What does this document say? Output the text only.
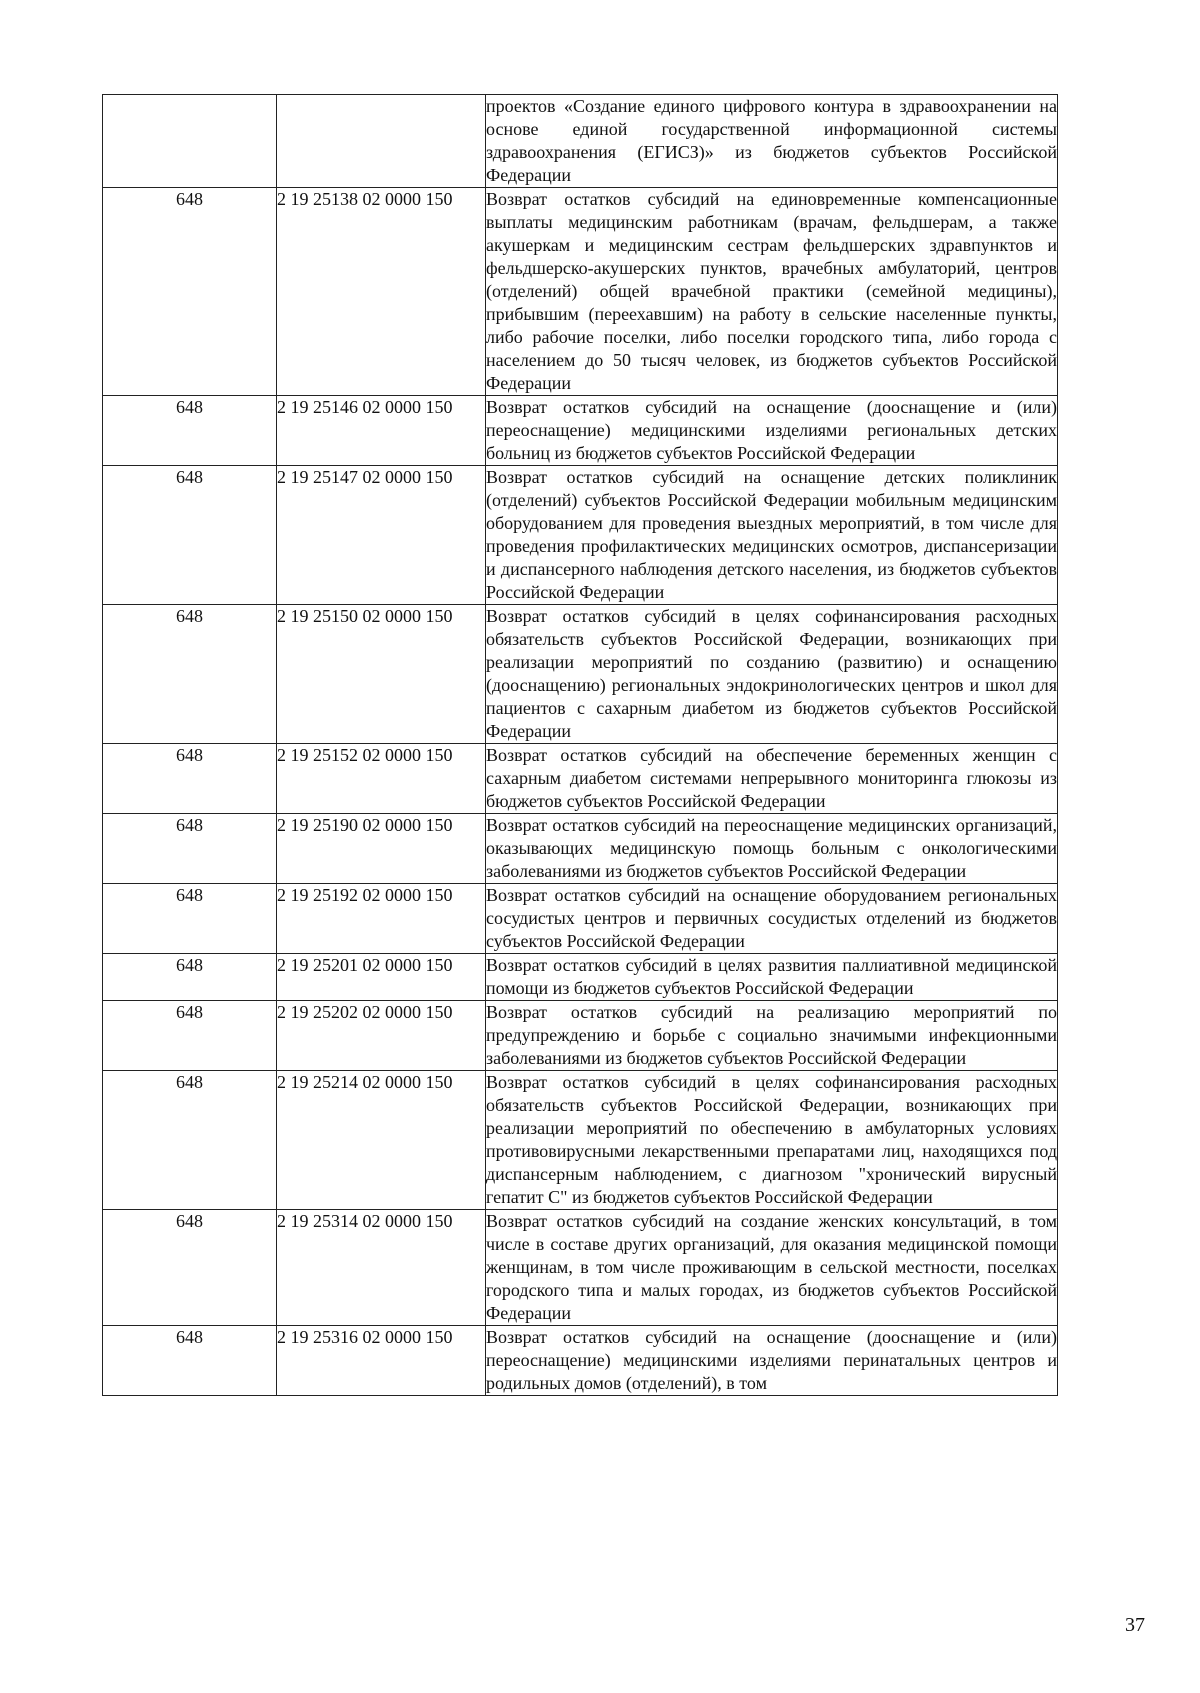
		проектов «Создание единого цифрового контура в здравоохранении на основе единой государственной информационной системы здравоохранения (ЕГИСЗ)» из бюджетов субъектов Российской Федерации
648	2 19 25138 02 0000 150	Возврат остатков субсидий на единовременные компенсационные выплаты медицинским работникам (врачам, фельдшерам, а также акушеркам и медицинским сестрам фельдшерских здравпунктов и фельдшерско-акушерских пунктов, врачебных амбулаторий, центров (отделений) общей врачебной практики (семейной медицины), прибывшим (переехавшим) на работу в сельские населенные пункты, либо рабочие поселки, либо поселки городского типа, либо города с населением до 50 тысяч человек, из бюджетов субъектов Российской Федерации
648	2 19 25146 02 0000 150	Возврат остатков субсидий на оснащение (дооснащение и (или) переоснащение) медицинскими изделиями региональных детских больниц из бюджетов субъектов Российской Федерации
648	2 19 25147 02 0000 150	Возврат остатков субсидий на оснащение детских поликлиник (отделений) субъектов Российской Федерации мобильным медицинским оборудованием для проведения выездных мероприятий, в том числе для проведения профилактических медицинских осмотров, диспансеризации и диспансерного наблюдения детского населения, из бюджетов субъектов Российской Федерации
648	2 19 25150 02 0000 150	Возврат остатков субсидий в целях софинансирования расходных обязательств субъектов Российской Федерации, возникающих при реализации мероприятий по созданию (развитию) и оснащению (дооснащению) региональных эндокринологических центров и школ для пациентов с сахарным диабетом из бюджетов субъектов Российской Федерации
648	2 19 25152 02 0000 150	Возврат остатков субсидий на обеспечение беременных женщин с сахарным диабетом системами непрерывного мониторинга глюкозы из бюджетов субъектов Российской Федерации
648	2 19 25190 02 0000 150	Возврат остатков субсидий на переоснащение медицинских организаций, оказывающих медицинскую помощь больным с онкологическими заболеваниями из бюджетов субъектов Российской Федерации
648	2 19 25192 02 0000 150	Возврат остатков субсидий на оснащение оборудованием региональных сосудистых центров и первичных сосудистых отделений из бюджетов субъектов Российской Федерации
648	2 19 25201 02 0000 150	Возврат остатков субсидий в целях развития паллиативной медицинской помощи из бюджетов субъектов Российской Федерации
648	2 19 25202 02 0000 150	Возврат остатков субсидий на реализацию мероприятий по предупреждению и борьбе с социально значимыми инфекционными заболеваниями из бюджетов субъектов Российской Федерации
648	2 19 25214 02 0000 150	Возврат остатков субсидий в целях софинансирования расходных обязательств субъектов Российской Федерации, возникающих при реализации мероприятий по обеспечению в амбулаторных условиях противовирусными лекарственными препаратами лиц, находящихся под диспансерным наблюдением, с диагнозом "хронический вирусный гепатит С" из бюджетов субъектов Российской Федерации
648	2 19 25314 02 0000 150	Возврат остатков субсидий на создание женских консультаций, в том числе в составе других организаций, для оказания медицинской помощи женщинам, в том числе проживающим в сельской местности, поселках городского типа и малых городах, из бюджетов субъектов Российской Федерации
648	2 19 25316 02 0000 150	Возврат остатков субсидий на оснащение (дооснащение и (или) переоснащение) медицинскими изделиями перинатальных центров и родильных домов (отделений), в том
37
